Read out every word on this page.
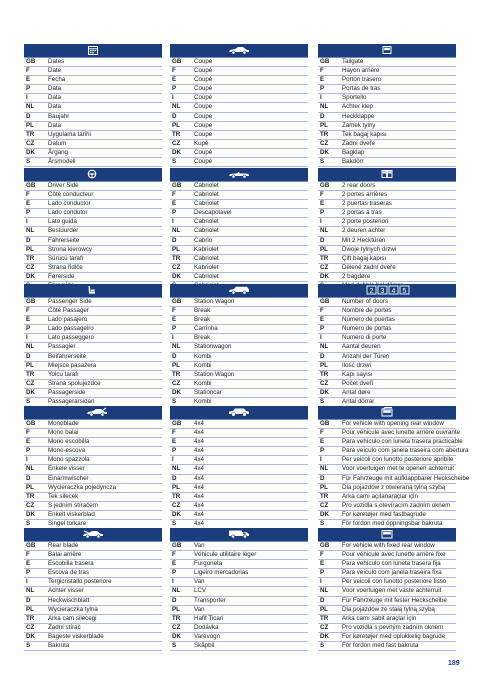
GB Dates
F	Date
E	Fecha
P	Data
I	Data
NL Data
D	Baujahr
PL Data
TR Uygulama tarihi
CZ Datum
DK Årgang
S	Årsmodell
GB Coupe
F	Coupé
E	Coupé
P	Coupé
I	Coupé
NL Coupe
D	Coupe
PL Coupe
TR Coupe
CZ Kupé
DK Coupé
S	Coupé
GB Tailgate
F	Hayon arrière
E	Portón trasero
P	Portas de tras
I	Sportello
NL Achter klep
D	Heckklappe
PL Zamek tylny
TR Tek bagaj kapısı
CZ Zadní dveře
DK Bagklap
S	Bakdörr
GB Driver Side
F	Côté conducteur
E	Lado conductor
P	Lado condutor
I	Lato guida
NL Bestuurder
D	Fahrerseite
PL Strona kierowcy
TR Sürücü tarafı
CZ Strana řidiče
DK Førerside
GB Cabriolet
F	Cabriolet
E	Cabriolet
P	Descapotavel
I	Cabriolet
NL Cabriolet
D	Cabrio
PL Kabriolet
TR Cabriolet
CZ Kabriolet
DK Cabriolet
GB 2 rear doors
F	2 portes arrières
E	2 puertas traseras
P	2 portas a tras
I	2 porte posteriori
NL 2 deuren achter
D	Mit 2 Hecktüren
PL Dwoje tylnych drzwi
TR Çift bagaj kapısı
CZ Dělené zadní dveře
DK 2 bagdøre
GB Passenger Side
F	Côté Passager
E	Lado pasajero
P	Lado passageiro
I	Lato passeggero
NL Passagier
D	Beifahrerseite
PL Miejsce pasażera
TR Yolcu tarafı
CZ Strana spolujezdce
DK Passagerside
S	Passagerarsidan
GB Station Wagon
F	Break
E	Break
P	Carrinha
I	Break
NL Stationwagon
D	Kombi
PL Kombi
TR Station Wagon
CZ Kombi
DK Stationcar
S	Kombi
2 3 4 5
GB Number of doors
F	Nombre de portes
E	Número de puertas
P	Numero de portas
I	Numero di porte
NL Aantal deuren
D	Anzahl der Türen
PL Ilość drzwi
TR Kapı sayısı
CZ Počet dveří
DK Antal døre
S	Antal dörrar
GB Monoblade
F	Mono balai
E	Mono escobilla
P	Mono-escova
I	Mono spazzola
NL Enkele visser
D	Einarmwischer
PL Wycieraczka pojedyncza
TR Tek silecek
CZ S jedním stíračem
DK Enkelt viskerblad
S	Singel torkare
GB 4x4
F	4x4
E	4x4
P	4x4
I	4x4
NL 4x4
D	4x4
PL 4x4
TR 4x4
CZ 4x4
DK 4x4
S	4x4
GB For vehicle with opening rear window
F	Pour véhicule avec lunette arrière ouvrante
E	Para vehículo con luneta trasera practicable
P	Para veículo com janela traseira com abertura
I	Per veicoli con lunotto posteriore apribile
NL Voor voertuigen met te openen achterruit
D	Für Fahrzeuge mit aufklappbarer Heckscheibe
PL Dla pojazdów z otwieraną tylną szybą
TR Arka camı açılanaraçlar için
CZ Pro vozidla s otevíracím zadním oknem
DK For køretøjer med fastbagrude
S	För fordon med öppningsbar bakruta
GB Rear blade
F	Balai arrière
E	Escobilla trasera
P	Escova de tras
I	Tergicristallo posteriore
NL Achter visser
D	Heckwischblatt
PL Wycieraczka tylna
TR Arka cam silecegi
CZ Zadní stírač
DK Bageste viskerblade
S	Bakruta
GB Van
F	Véhicule utilitaire léger
E	Furgoneta
P	Ligeiro mercadorias
I	Van
NL LCV
D	Transporter
PL Van
TR Hafif Ticari
CZ Dodávka
DK Varevogn
S	Skåpbil
GB For vehicle with fixed rear window
F	Pour véhicule avec lunette arrière fixe
E	Para vehículo con luneta trasera fija
P	Para veículo com janela traseira fixa
I	Per veicoli con lunotto posteriore fisso
NL Voor voertuigen met vaste achterruit
D	Für Fahrzeuge mit fester Heckscheibe
PL Dla pojazdów ze stałą tylną szybą
TR Arka camı sabit araçlar için
CZ Pro vozidla s pevným zadním oknem
DK For køretøjer med oplukkelig bagrude
S	För fordon med fast bakruta
189
